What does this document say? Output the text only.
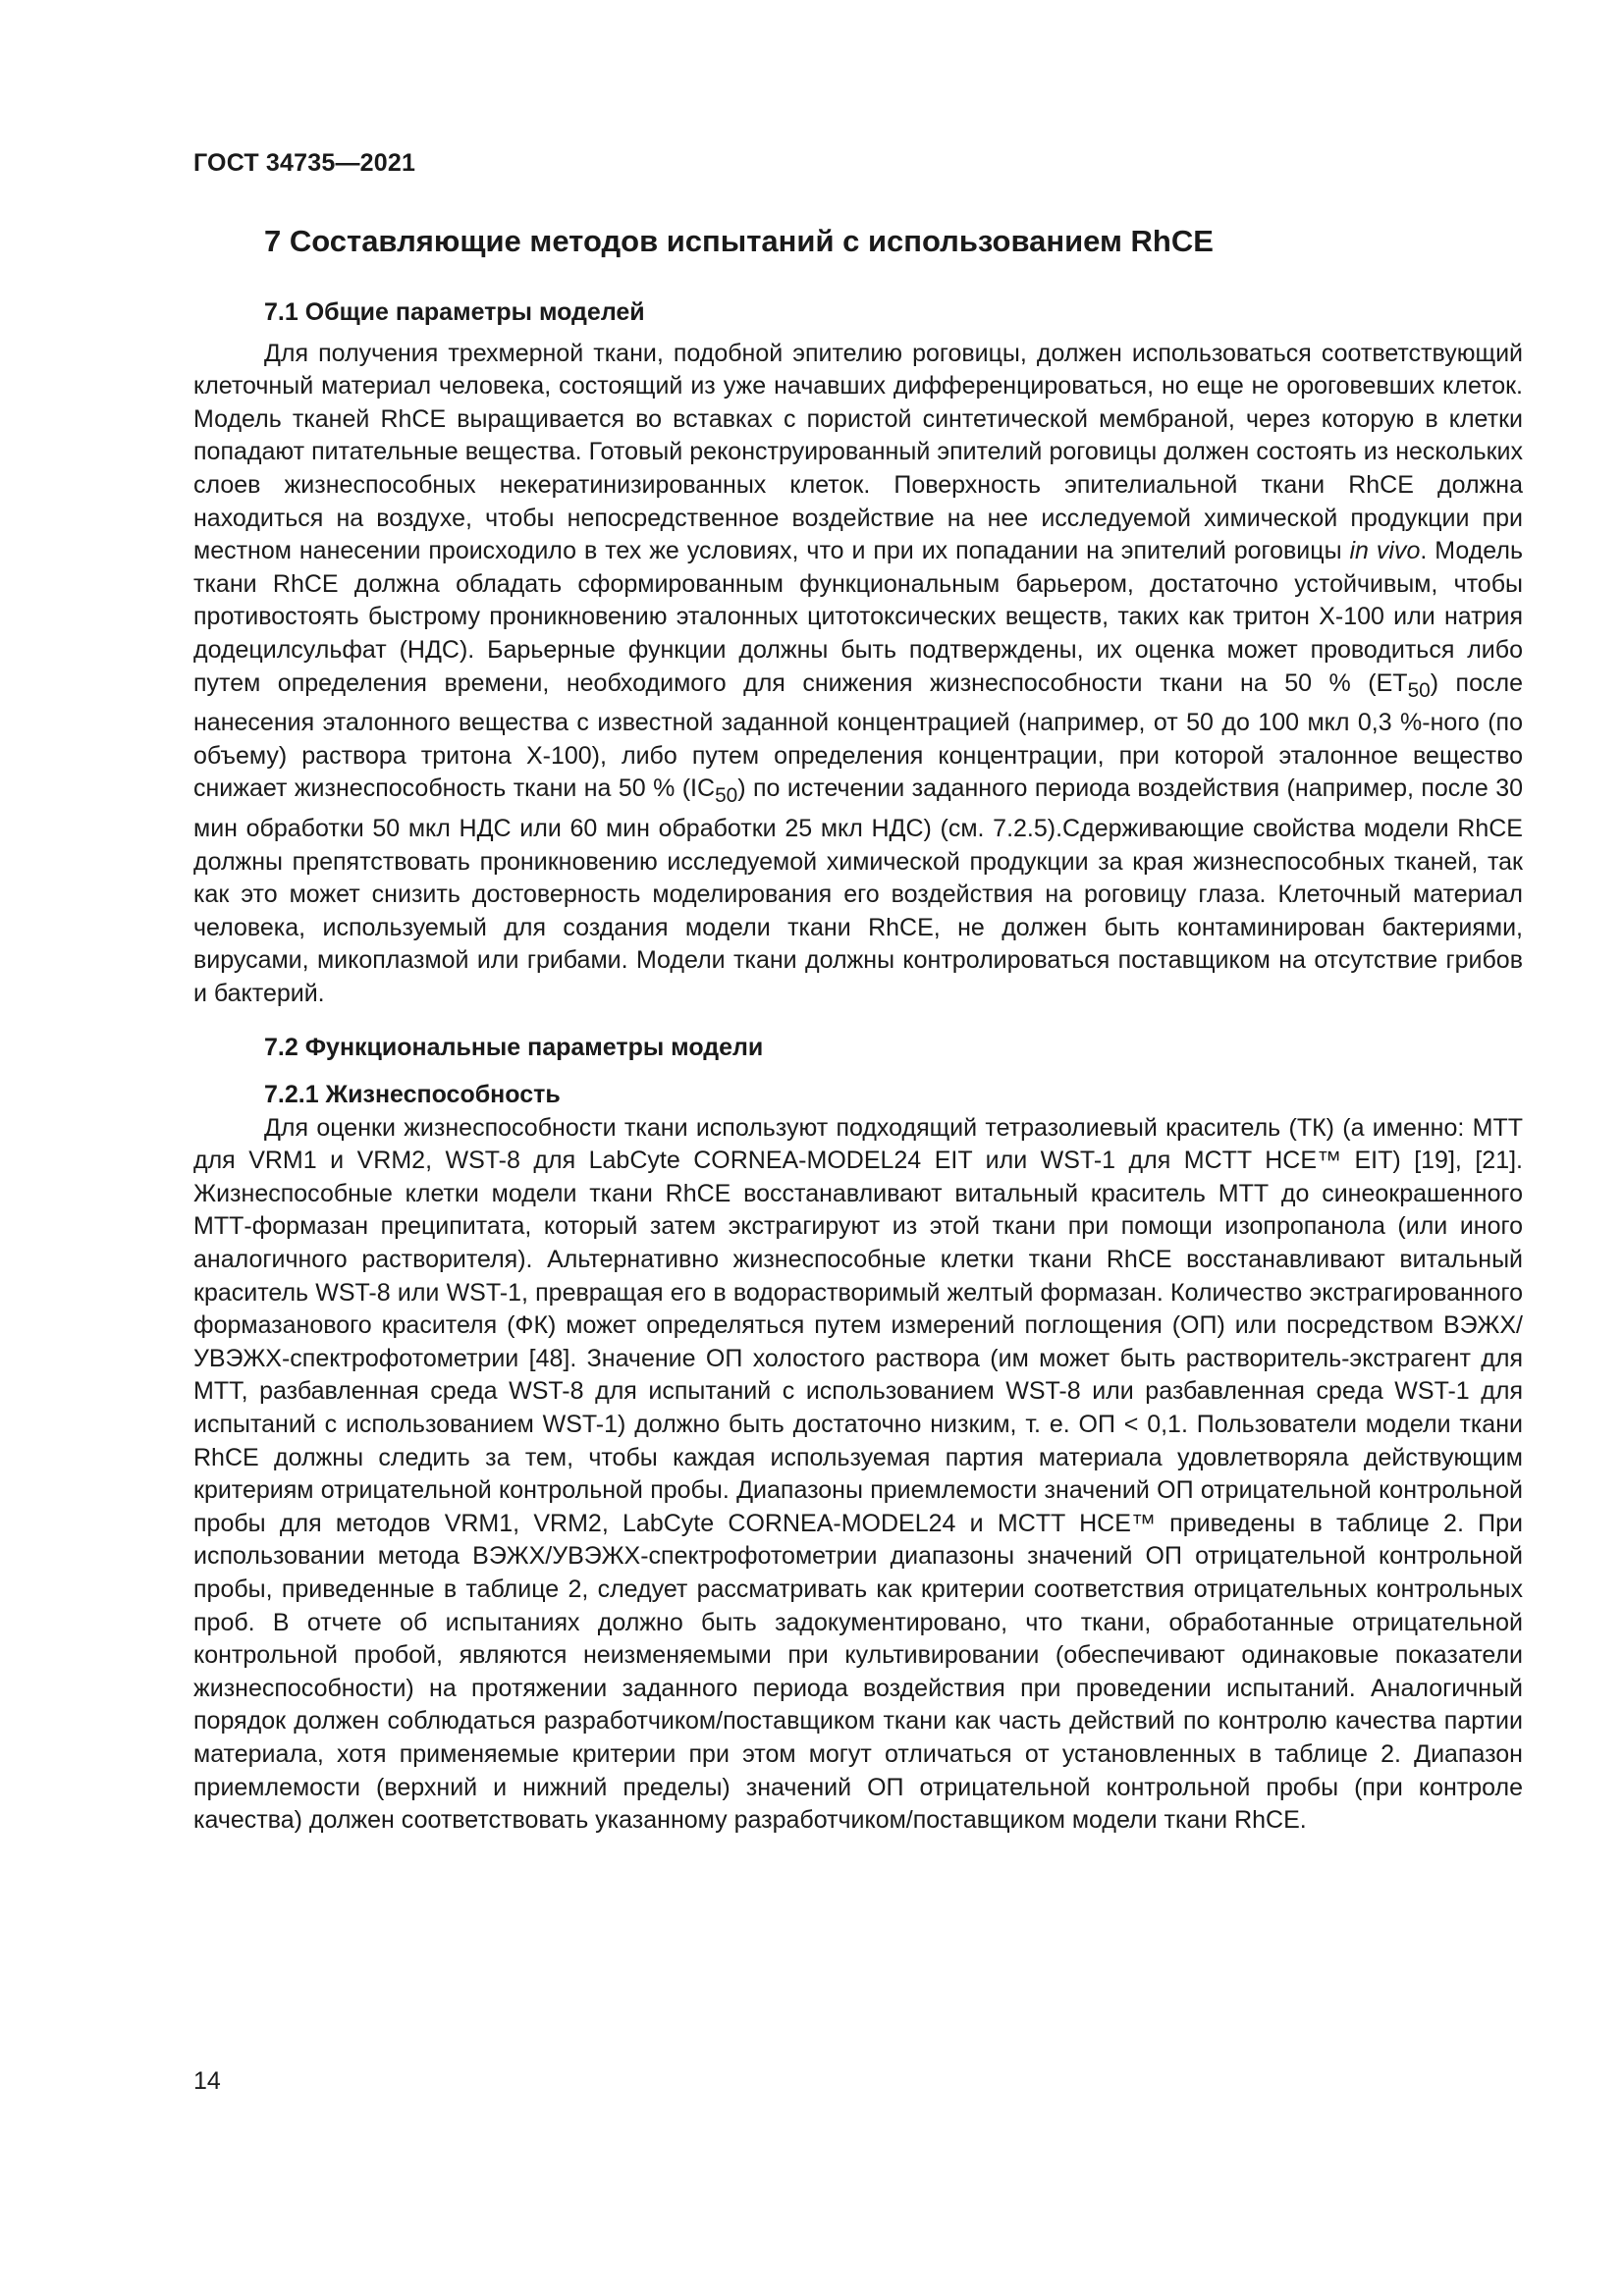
ГОСТ 34735—2021
7 Составляющие методов испытаний с использованием RhCE
7.1 Общие параметры моделей

Для получения трехмерной ткани, подобной эпителию роговицы, должен использоваться соответствующий клеточный материал человека, состоящий из уже начавших дифференцироваться, но еще не ороговевших клеток. Модель тканей RhCE выращивается во вставках с пористой синтетической мембраной, через которую в клетки попадают питательные вещества. Готовый реконструированный эпителий роговицы должен состоять из нескольких слоев жизнеспособных некератинизированных клеток. Поверхность эпителиальной ткани RhCE должна находиться на воздухе, чтобы непосредственное воздействие на нее исследуемой химической продукции при местном нанесении происходило в тех же условиях, что и при их попадании на эпителий роговицы in vivo. Модель ткани RhCE должна обладать сформированным функциональным барьером, достаточно устойчивым, чтобы противостоять быстрому проникновению эталонных цитотоксических веществ, таких как тритон Х-100 или натрия додецилсульфат (НДС). Барьерные функции должны быть подтверждены, их оценка может проводиться либо путем определения времени, необходимого для снижения жизнеспособности ткани на 50 % $(ET_{50})$ после нанесения эталонного вещества с известной заданной концентрацией (например, от 50 до 100 мкл 0,3 %-ного (по объему) раствора тритона Х-100), либо путем определения концентрации, при которой эталонное вещество снижает жизнеспособность ткани на 50 % $(IC_{50})$ по истечении заданного периода воздействия (например, после 30 мин обработки 50 мкл НДС или 60 мин обработки 25 мкл НДС) (см. 7.2.5).Сдерживающие свойства модели RhCE должны препятствовать проникновению исследуемой химической продукции за края жизнеспособных тканей, так как это может снизить достоверность моделирования его воздействия на роговицу глаза. Клеточный материал человека, используемый для создания модели ткани RhCE, не должен быть контаминирован бактериями, вирусами, микоплазмой или грибами. Модели ткани должны контролироваться поставщиком на отсутствие грибов и бактерий.

7.2 Функциональные параметры модели
7.2.1 Жизнеспособность

Для оценки жизнеспособности ткани используют подходящий тетразолиевый краситель (ТК) (а именно: МТТ для VRM1 и VRM2, WST-8 для LabCyte CORNEA-MODEL24 EIT или WST-1 для MCTT HCE™ EIT) [19], [21]. Жизнеспособные клетки модели ткани RhCE восстанавливают витальный краситель МТТ до синеокрашенного МТТ-формазан преципитата, который затем экстрагируют из этой ткани при помощи изопропанола (или иного аналогичного растворителя). Альтернативно жизнеспособные клетки ткани RhCE восстанавливают витальный краситель WST-8 или WST-1, превращая его в водорастворимый желтый формазан. Количество экстрагированного формазанового красителя (ФК) может определяться путем измерений поглощения (ОП) или посредством ВЭЖХ/УВЭЖХ-спектрофотометрии [48]. Значение ОП холостого раствора (им может быть растворитель-экстрагент для МТТ, разбавленная среда WST-8 для испытаний с использованием WST-8 или разбавленная среда WST-1 для испытаний с использованием WST-1) должно быть достаточно низким, т. е. ОП < 0,1. Пользователи модели ткани RhCE должны следить за тем, чтобы каждая используемая партия материала удовлетворяла действующим критериям отрицательной контрольной пробы. Диапазоны приемлемости значений ОП отрицательной контрольной пробы для методов VRM1, VRM2, LabCyte CORNEA-MODEL24 и MCTT HCE™ приведены в таблице 2. При использовании метода ВЭЖХ/УВЭЖХ-спектрофотометрии диапазоны значений ОП отрицательной контрольной пробы, приведенные в таблице 2, следует рассматривать как критерии соответствия отрицательных контрольных проб. В отчете об испытаниях должно быть задокументировано, что ткани, обработанные отрицательной контрольной пробой, являются неизменяемыми при культивировании (обеспечивают одинаковые показатели жизнеспособности) на протяжении заданного периода воздействия при проведении испытаний. Аналогичный порядок должен соблюдаться разработчиком/поставщиком ткани как часть действий по контролю качества партии материала, хотя применяемые критерии при этом могут отличаться от установленных в таблице 2. Диапазон приемлемости (верхний и нижний пределы) значений ОП отрицательной контрольной пробы (при контроле качества) должен соответствовать указанному разработчиком/поставщиком модели ткани RhCE.

14
